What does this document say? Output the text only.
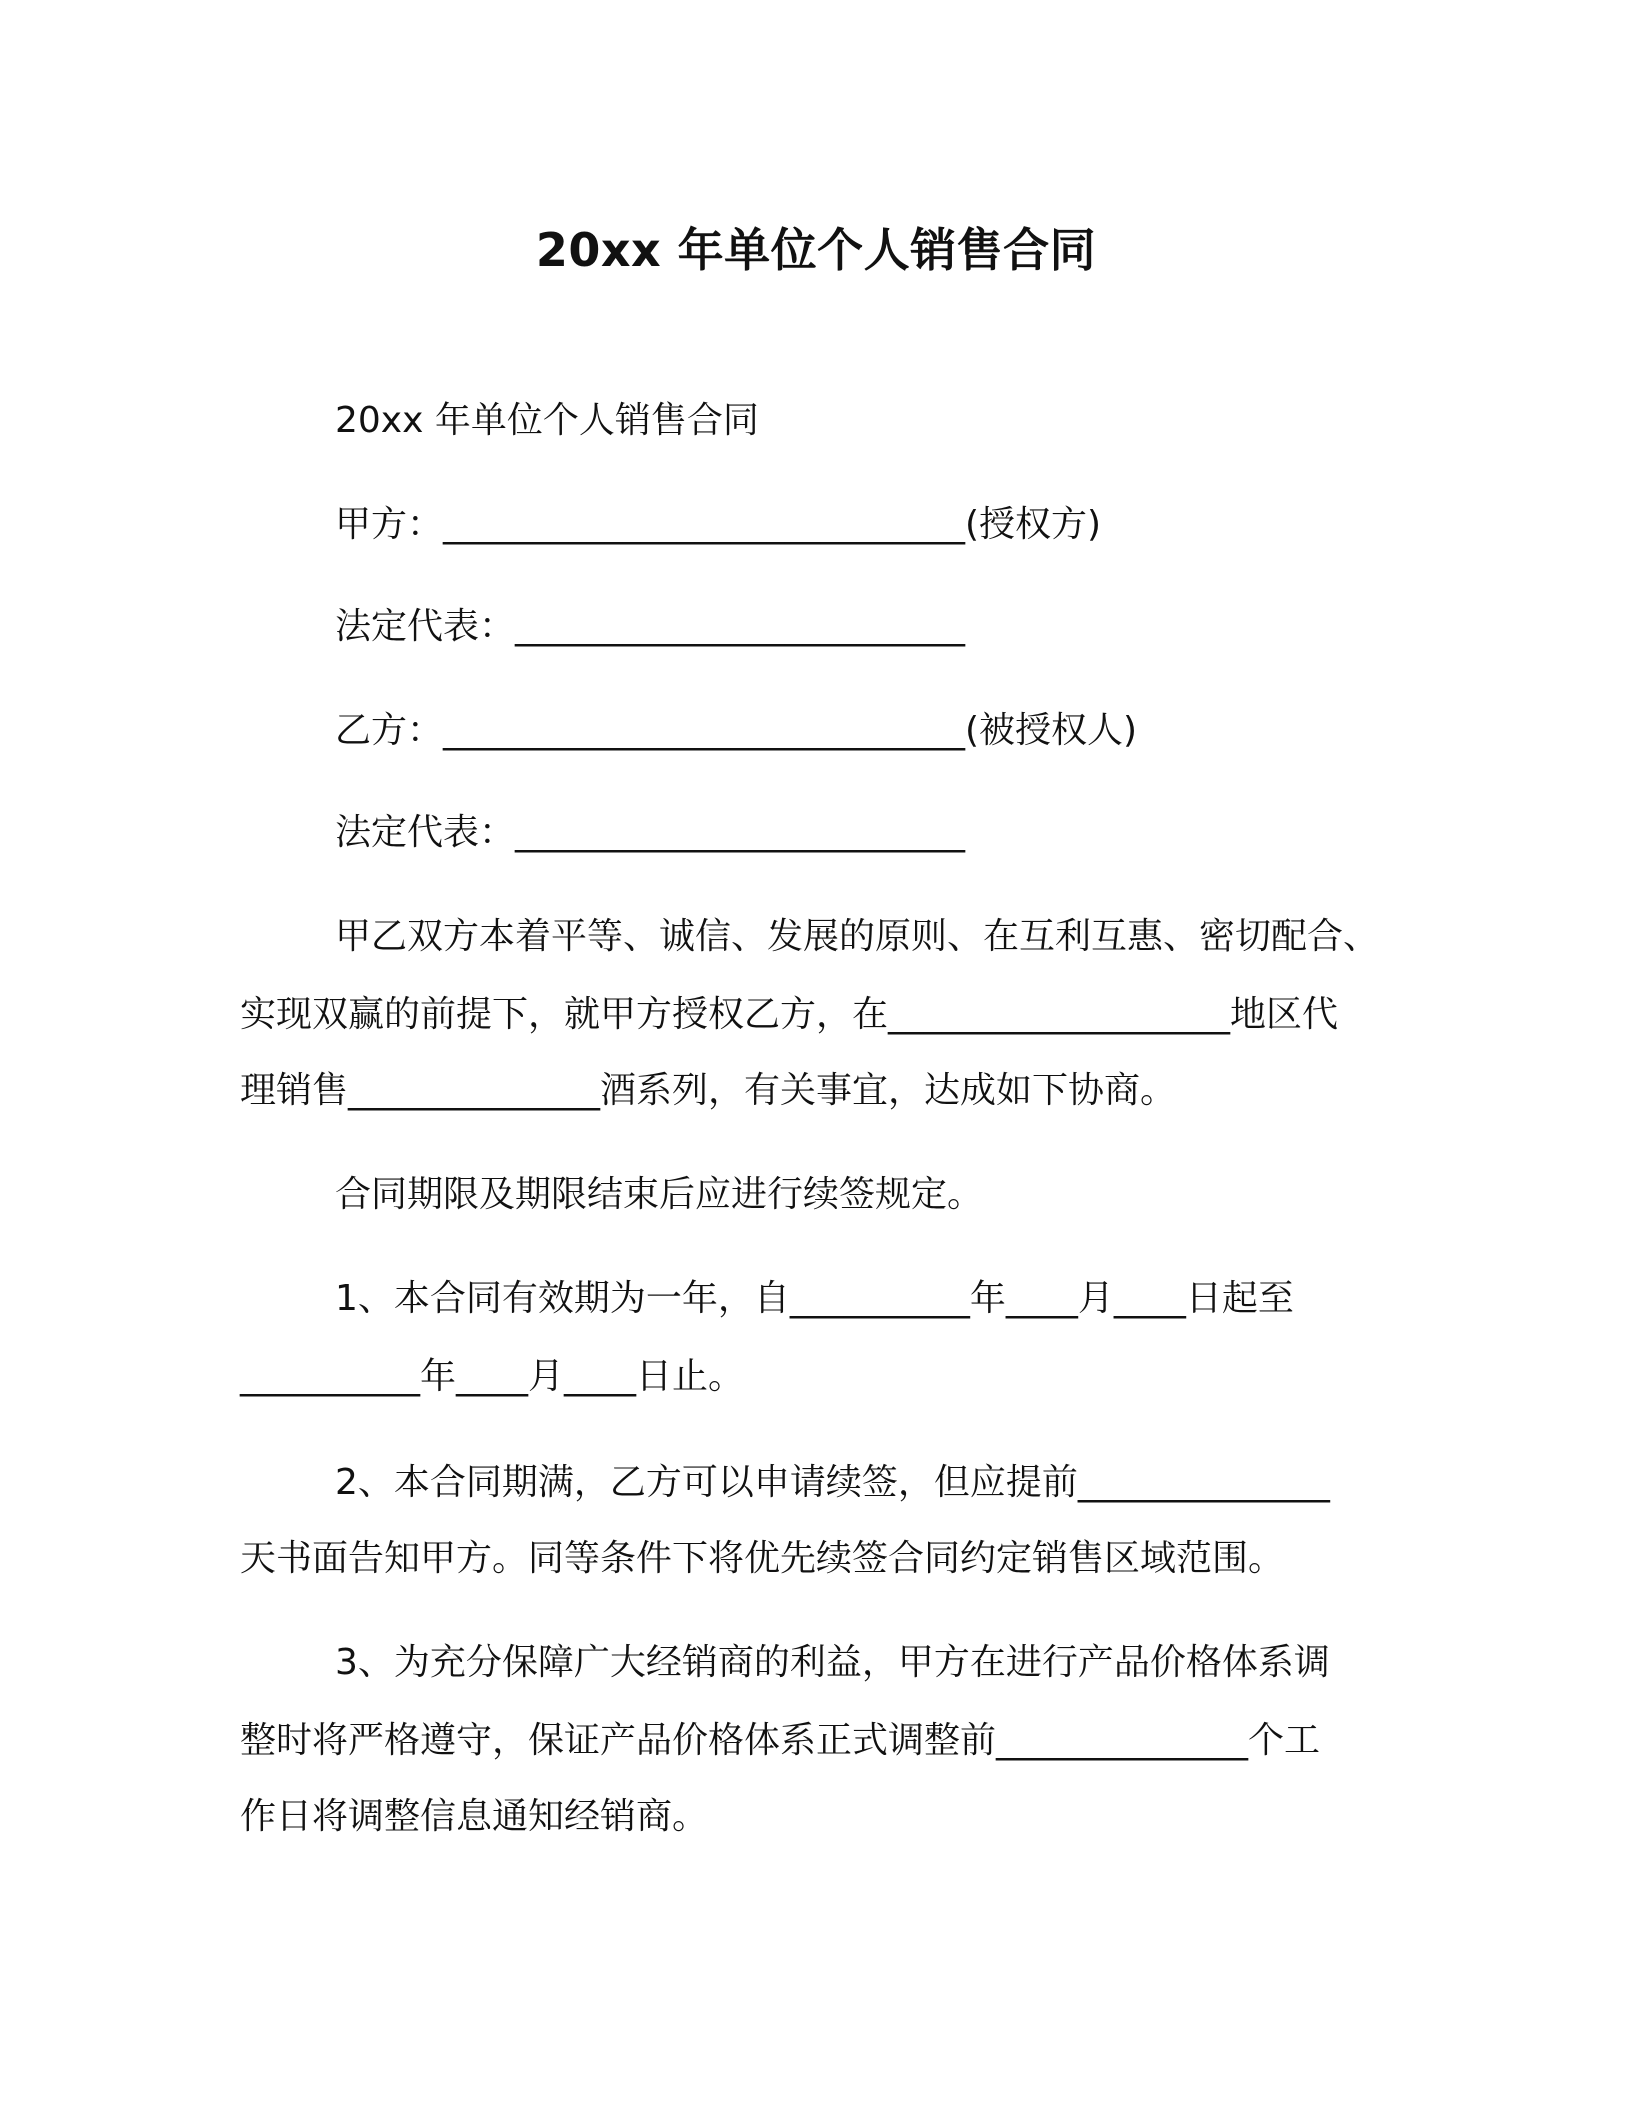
20xx 年单位个人销售合同
20xx 年单位个人销售合同
甲方：_____________________________(授权方)
法定代表：_________________________
乙方：_____________________________(被授权人)
法定代表：_________________________
甲乙双方本着平等、诚信、发展的原则、在互利互惠、密切配合、
实现双赢的前提下，就甲方授权乙方，在___________________地区代
理销售______________酒系列，有关事宜，达成如下协商。
合同期限及期限结束后应进行续签规定。
1、本合同有效期为一年，自__________年____月____日起至
__________年____月____日止。
2、本合同期满，乙方可以申请续签，但应提前______________
天书面告知甲方。同等条件下将优先续签合同约定销售区域范围。
3、为充分保障广大经销商的利益，甲方在进行产品价格体系调
整时将严格遵守，保证产品价格体系正式调整前______________个工
作日将调整信息通知经销商。
